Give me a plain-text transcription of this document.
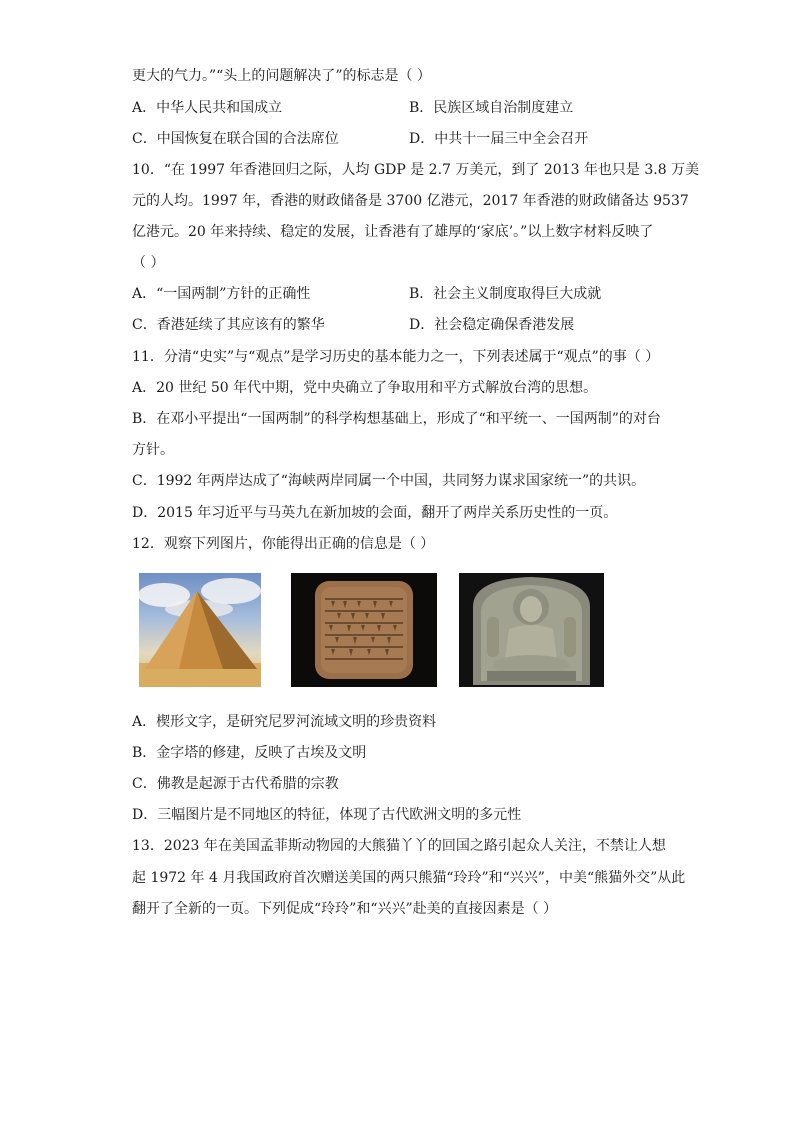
更大的气力。”“头上的问题解决了”的标志是（ ）
A．中华人民共和国成立	B．民族区域自治制度建立
C．中国恢复在联合国的合法席位	D．中共十一届三中全会召开
10．“在 1997 年香港回归之际，人均 GDP 是 2.7 万美元，到了 2013 年也只是 3.8 万美
元的人均。1997 年，香港的财政储备是 3700 亿港元，2017 年香港的财政储备达 9537
亿港元。20 年来持续、稳定的发展，让香港有了雄厚的‘家底’。”以上数字材料反映了
（ ）
A．“一国两制”方针的正确性	B．社会主义制度取得巨大成就
C．香港延续了其应该有的繁华	D．社会稳定确保香港发展
11．分清“史实”与“观点”是学习历史的基本能力之一，下列表述属于“观点”的事（ ）
A．20 世纪 50 年代中期，党中央确立了争取用和平方式解放台湾的思想。
B．在邓小平提出“一国两制”的科学构想基础上，形成了“和平统一、一国两制”的对台
方针。
C．1992 年两岸达成了“海峡两岸同属一个中国，共同努力谋求国家统一”的共识。
D．2015 年习近平与马英九在新加坡的会面，翻开了两岸关系历史性的一页。
12．观察下列图片，你能得出正确的信息是（ ）
A．楔形文字，是研究尼罗河流域文明的珍贵资料
B．金字塔的修建，反映了古埃及文明
C．佛教是起源于古代希腊的宗教
D．三幅图片是不同地区的特征，体现了古代欧洲文明的多元性
13．2023 年在美国孟菲斯动物园的大熊猫丫丫的回国之路引起众人关注，不禁让人想
起 1972 年 4 月我国政府首次赠送美国的两只熊猫“玲玲”和“兴兴”，中美“熊猫外交”从此
翻开了全新的一页。下列促成“玲玲”和“兴兴”赴美的直接因素是（ ）
